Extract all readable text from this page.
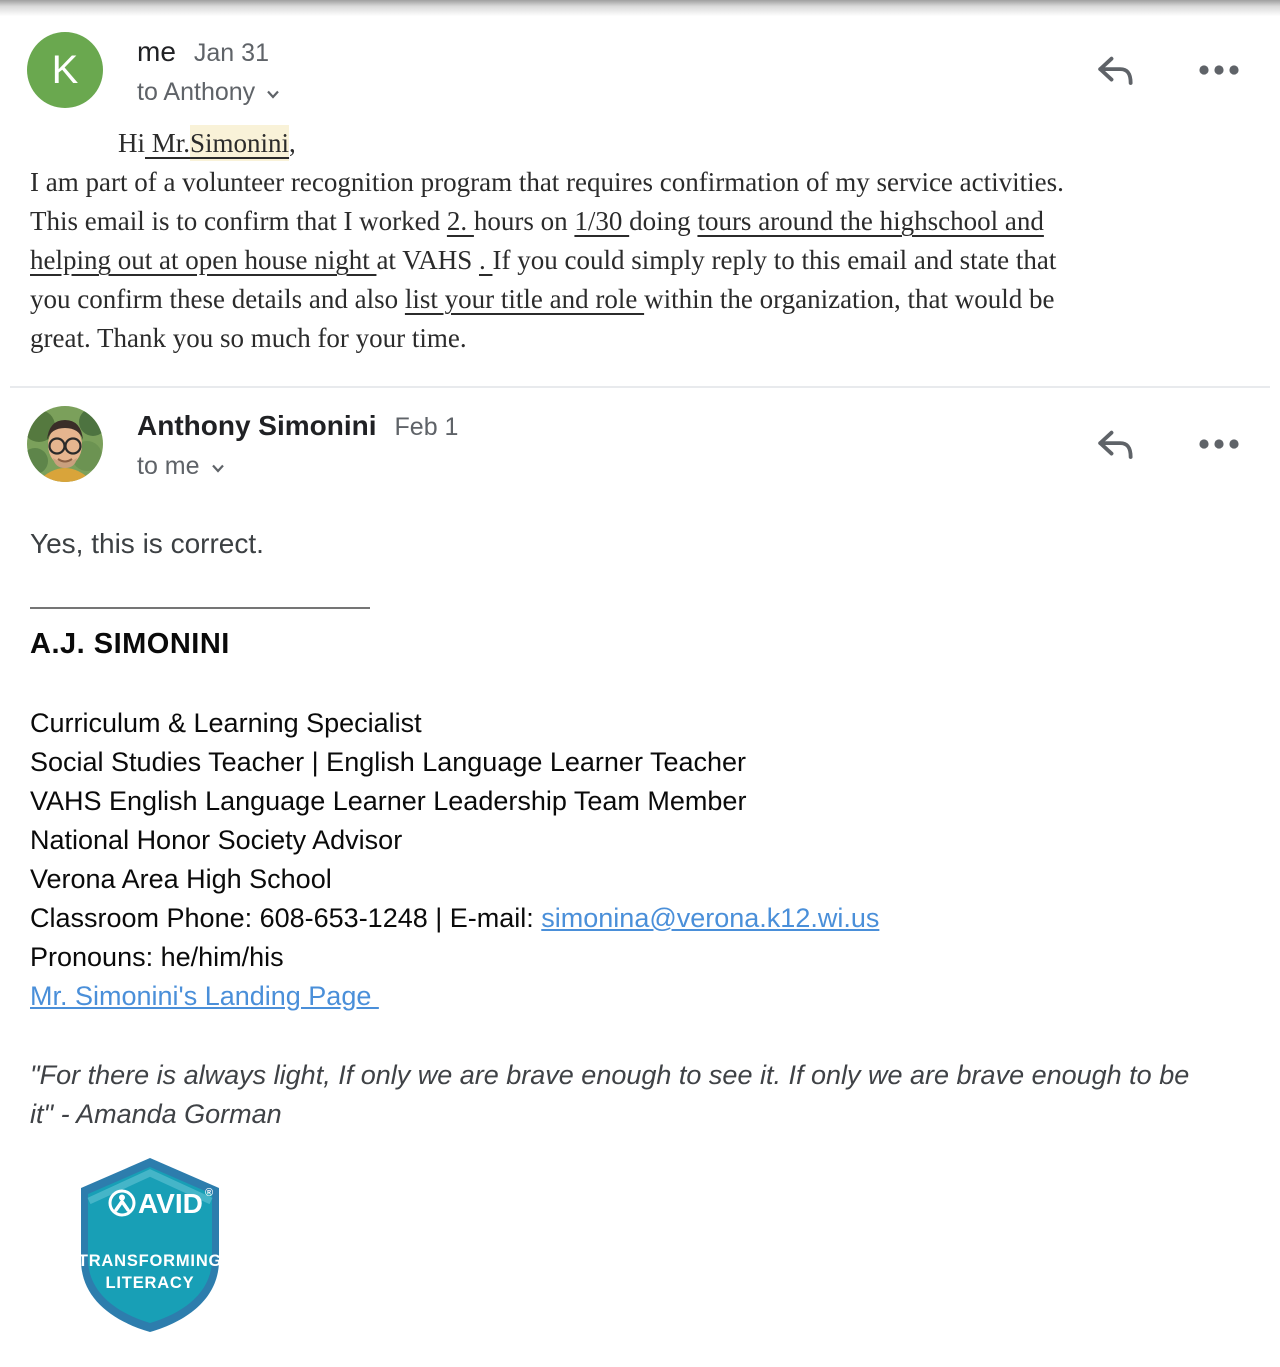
K	me Jan 31
to Anthony
Hi Mr.Simonini,
I am part of a volunteer recognition program that requires confirmation of my service activities.
This email is to confirm that I worked 2. hours on 1/30 doing tours around the highschool and
helping out at open house night at VAHS . If you could simply reply to this email and state that
you confirm these details and also list your title and role within the organization, that would be
great. Thank you so much for your time.
Anthony Simonini Feb 1
to me
Yes, this is correct.
A.J. SIMONINI
Curriculum & Learning Specialist
Social Studies Teacher | English Language Learner Teacher
VAHS English Language Learner Leadership Team Member
National Honor Society Advisor
Verona Area High School
Classroom Phone: 608-653-1248 | E-mail: simonina@verona.k12.wi.us
Pronouns: he/him/his
Mr. Simonini's Landing Page
"For there is always light, If only we are brave enough to see it. If only we are brave enough to be it" - Amanda Gorman
AVID ®
TRANSFORMING
LITERACY
